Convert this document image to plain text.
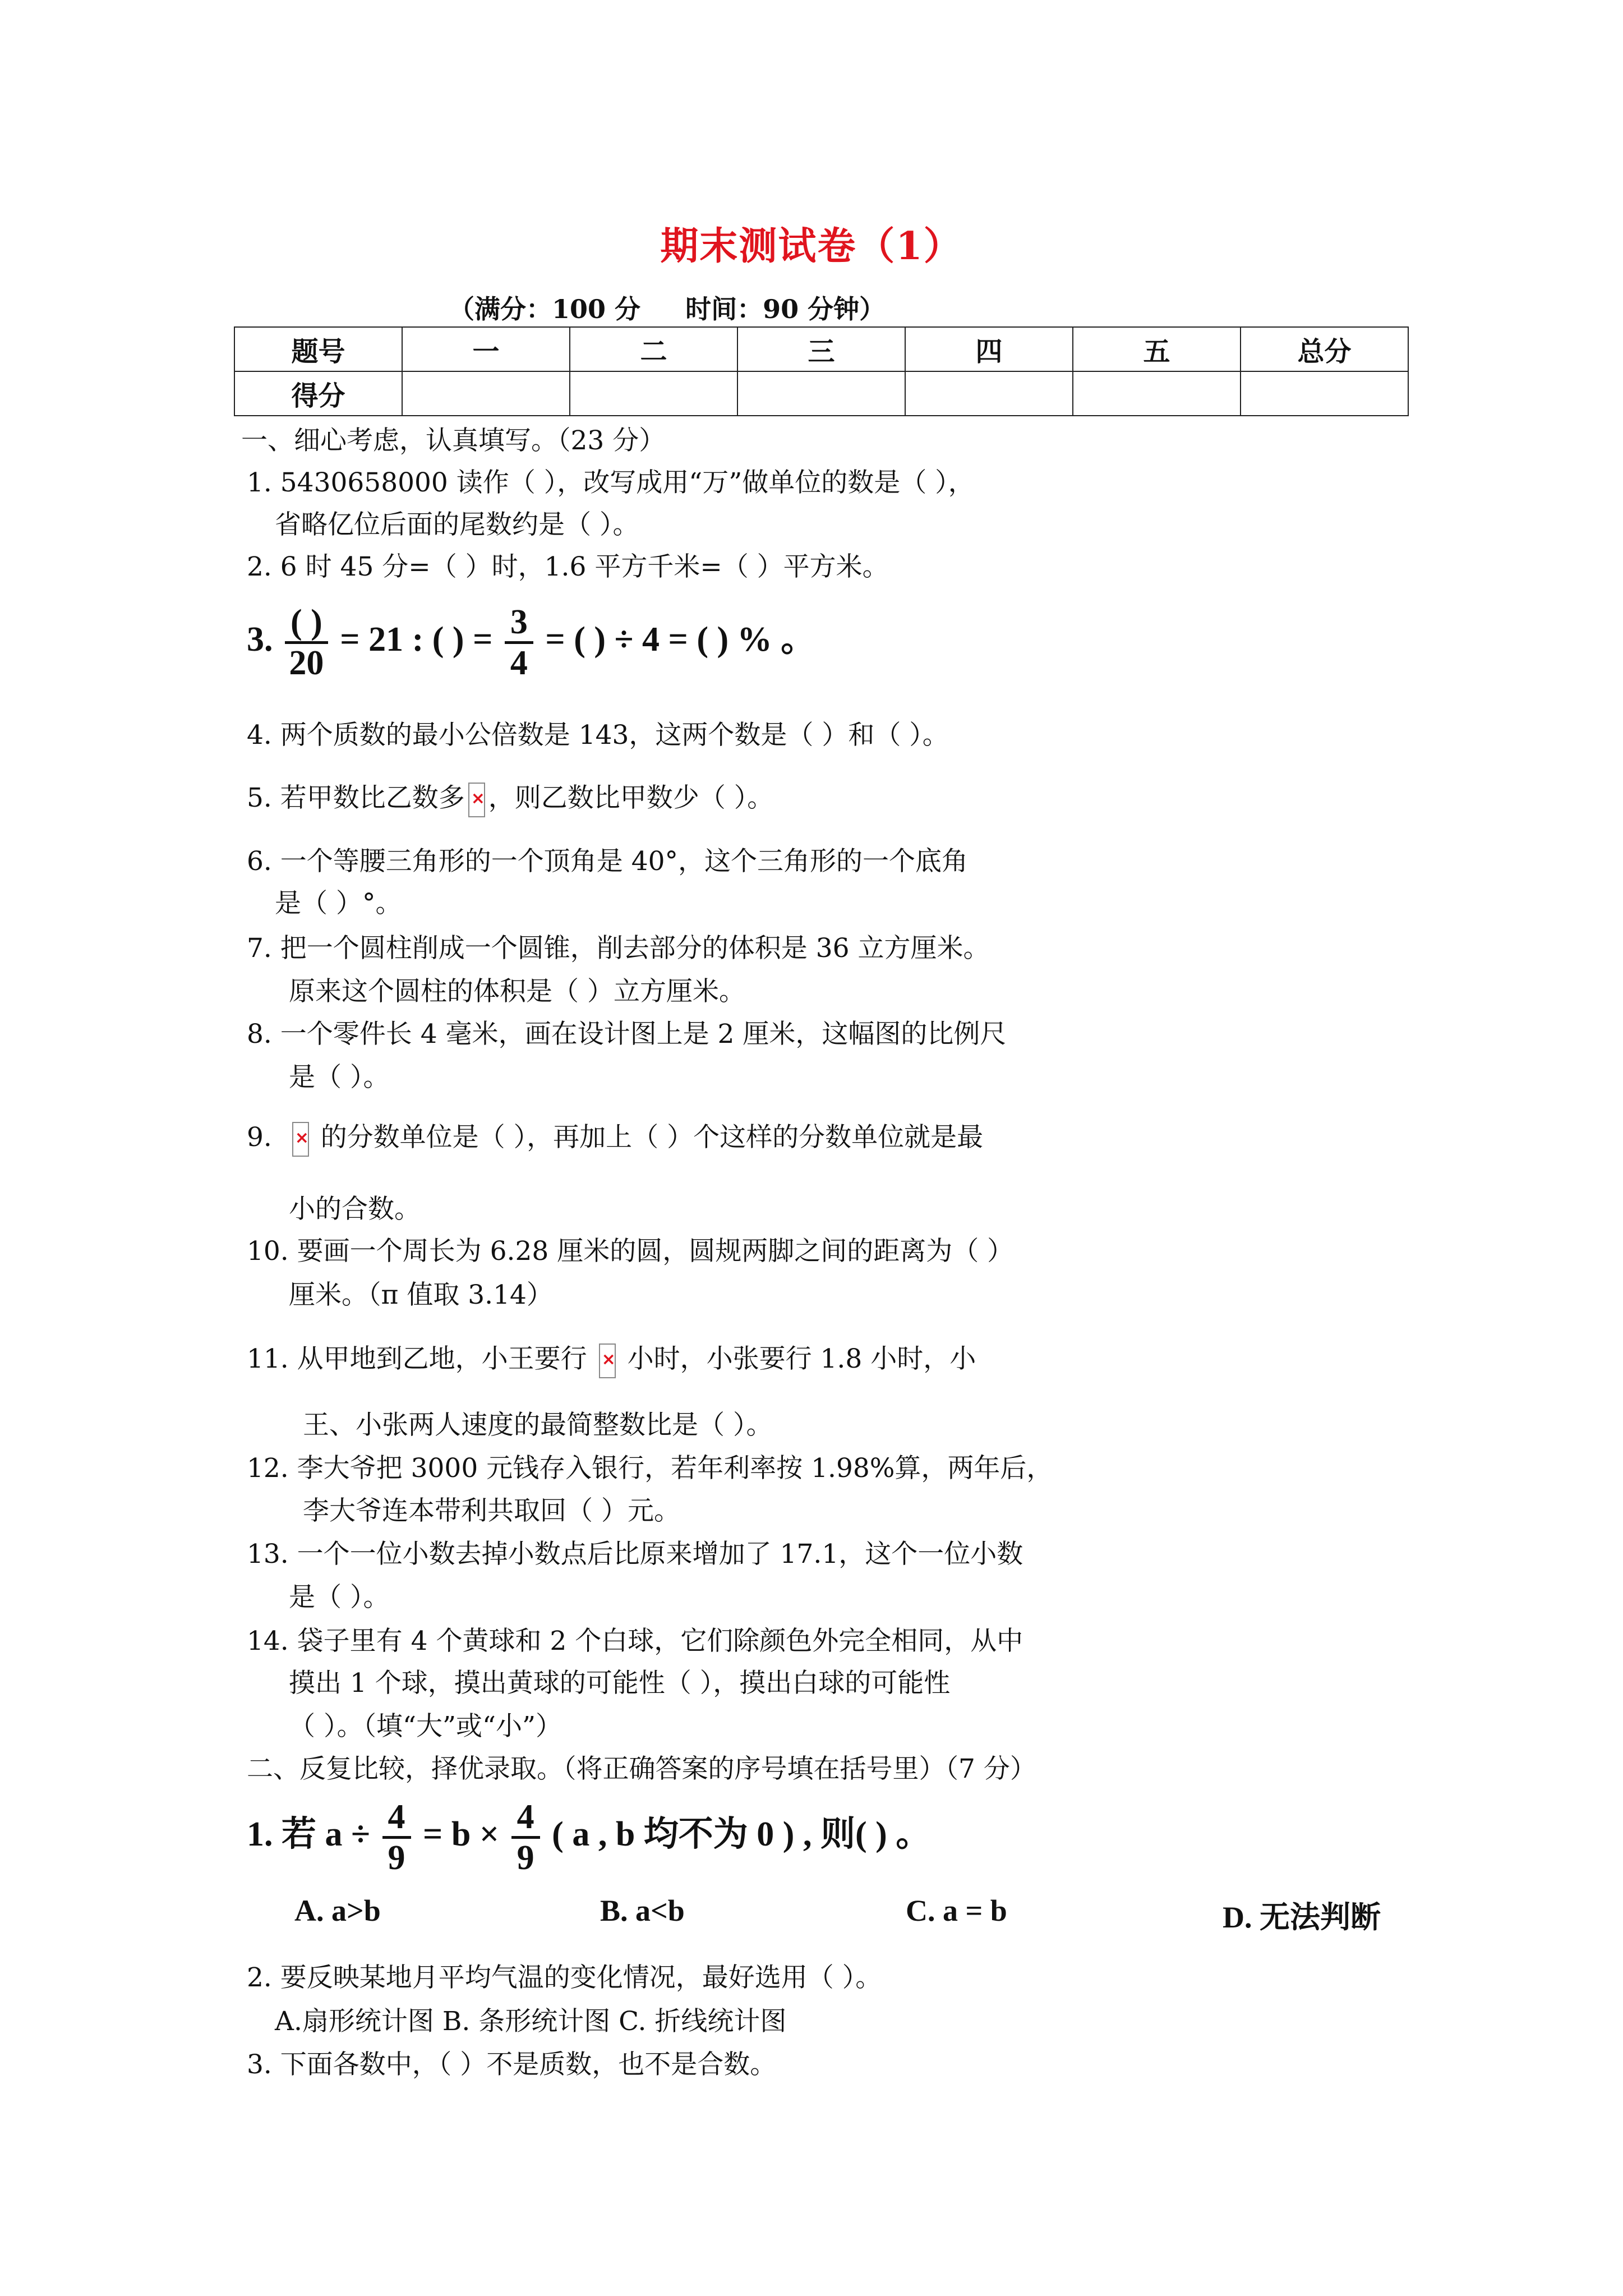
期末测试卷（1）
（满分：100 分     时间：90 分钟）
题号	一	二	三	四	五	总分
得分						
一、细心考虑，认真填写。（23 分）
1. 5430658000 读作（ ），改写成用“万”做单位的数是（ ），
省略亿位后面的尾数约是（ ）。
2. 6 时 45 分=（ ）时，1.6 平方千米=（ ）平方米。
3. $\frac{( )}{20} = 21$ : ( ) = $\frac{3}{4}$ = ( ) ÷ 4 = ( ) % 。
4. 两个质数的最小公倍数是 143，这两个数是（ ）和（ ）。
5. 若甲数比乙数多 × ，则乙数比甲数少（ ）。
6. 一个等腰三角形的一个顶角是 40°，这个三角形的一个底角
是（ ）°。
7. 把一个圆柱削成一个圆锥，削去部分的体积是 36 立方厘米。
原来这个圆柱的体积是（ ）立方厘米。
8. 一个零件长 4 毫米，画在设计图上是 2 厘米，这幅图的比例尺
是（ ）。
9. × 的分数单位是（ ），再加上（ ）个这样的分数单位就是最
小的合数。
10. 要画一个周长为 6.28 厘米的圆，圆规两脚之间的距离为（ ）
厘米。（π 值取 3.14）
11. 从甲地到乙地，小王要行 × 小时，小张要行 1.8 小时，小
王、小张两人速度的最简整数比是（ ）。
12. 李大爷把 3000 元钱存入银行，若年利率按 1.98%算，两年后，
李大爷连本带利共取回（ ）元。
13. 一个一位小数去掉小数点后比原来增加了 17.1，这个一位小数
是（ ）。
14. 袋子里有 4 个黄球和 2 个白球，它们除颜色外完全相同，从中
摸出 1 个球，摸出黄球的可能性（ ），摸出白球的可能性
（ ）。（填“大”或“小”）
二、反复比较，择优录取。（将正确答案的序号填在括号里）（7 分）
1. 若 $a \div \frac{4}{9} = b \times \frac{4}{9}$ ( a , b 均不为 0 ) , 则( ) 。
A. a>b	B. a<b	C. a = b	D. 无法判断
2. 要反映某地月平均气温的变化情况，最好选用（ ）。
A.扇形统计图 B. 条形统计图 C. 折线统计图
3. 下面各数中，（ ）不是质数，也不是合数。
